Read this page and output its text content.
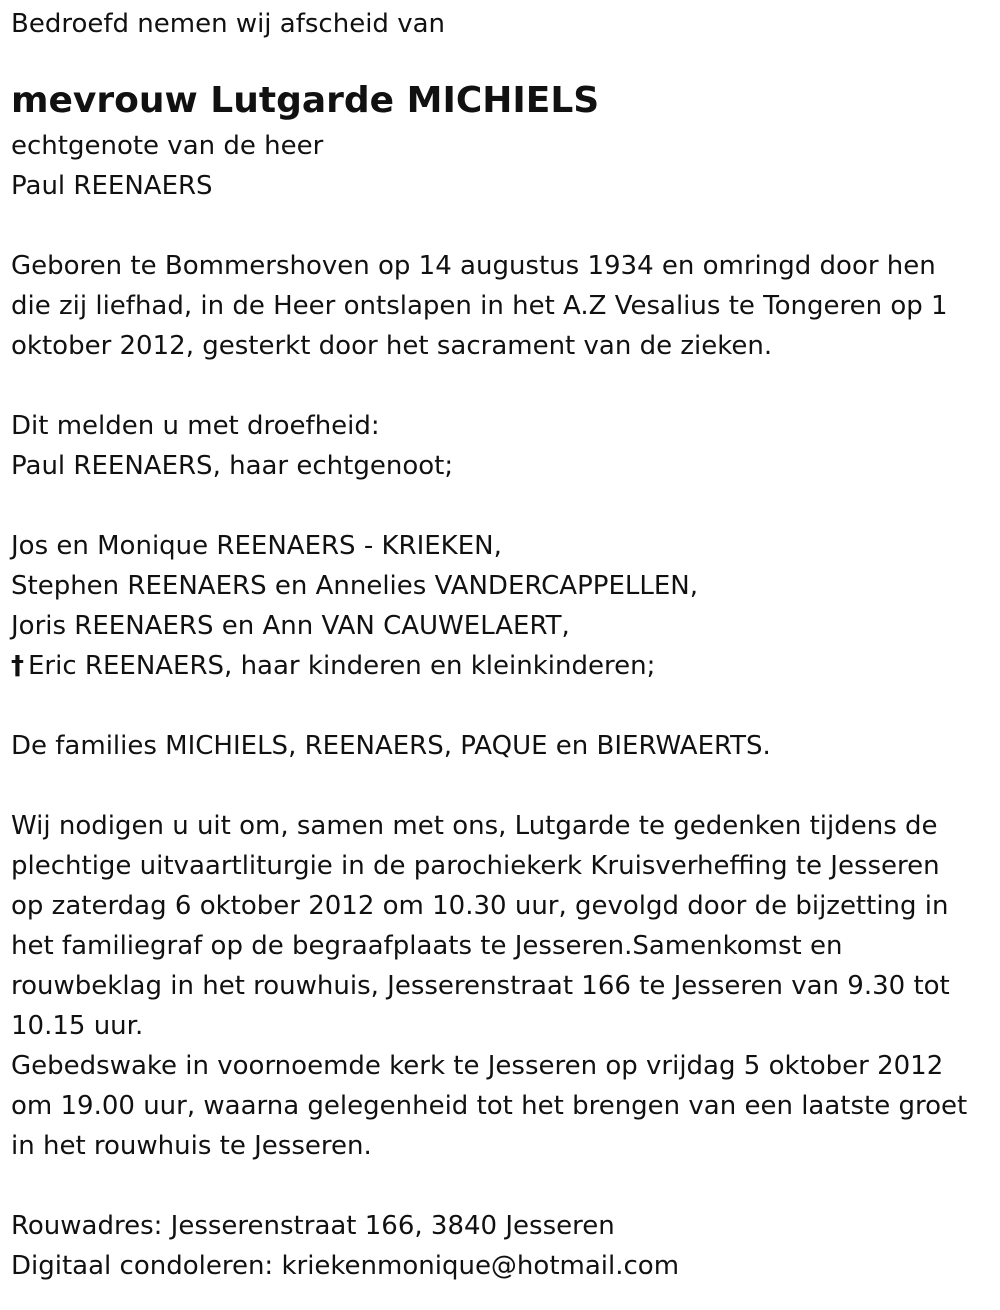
Bedroefd nemen wij afscheid van

mevrouw Lutgarde MICHIELS

echtgenote van de heer

Paul REENAERS

Geboren te Bommershoven op 14 augustus 1934 en omringd door hen

die zij liefhad, in de Heer ontslapen in het A.Z Vesalius te Tongeren op 1

oktober 2012, gesterkt door het sacrament van de zieken.

Dit melden u met droefheid:

Paul REENAERS, haar echtgenoot;

Jos en Monique REENAERS - KRIEKEN,

Stephen REENAERS en Annelies VANDERCAPPELLEN,

Joris REENAERS en Ann VAN CAUWELAERT,

† Eric REENAERS, haar kinderen en kleinkinderen;

De families MICHIELS, REENAERS, PAQUE en BIERWAERTS.

Wij nodigen u uit om, samen met ons, Lutgarde te gedenken tijdens de

plechtige uitvaartliturgie in de parochiekerk Kruisverheffing te Jesseren

op zaterdag 6 oktober 2012 om 10.30 uur, gevolgd door de bijzetting in

het familiegraf op de begraafplaats te Jesseren.Samenkomst en

rouwbeklag in het rouwhuis, Jesserenstraat 166 te Jesseren van 9.30 tot

10.15 uur.

Gebedswake in voornoemde kerk te Jesseren op vrijdag 5 oktober 2012

om 19.00 uur, waarna gelegenheid tot het brengen van een laatste groet

in het rouwhuis te Jesseren.

Rouwadres: Jesserenstraat 166, 3840 Jesseren

Digitaal condoleren: kriekenmonique@hotmail.com
